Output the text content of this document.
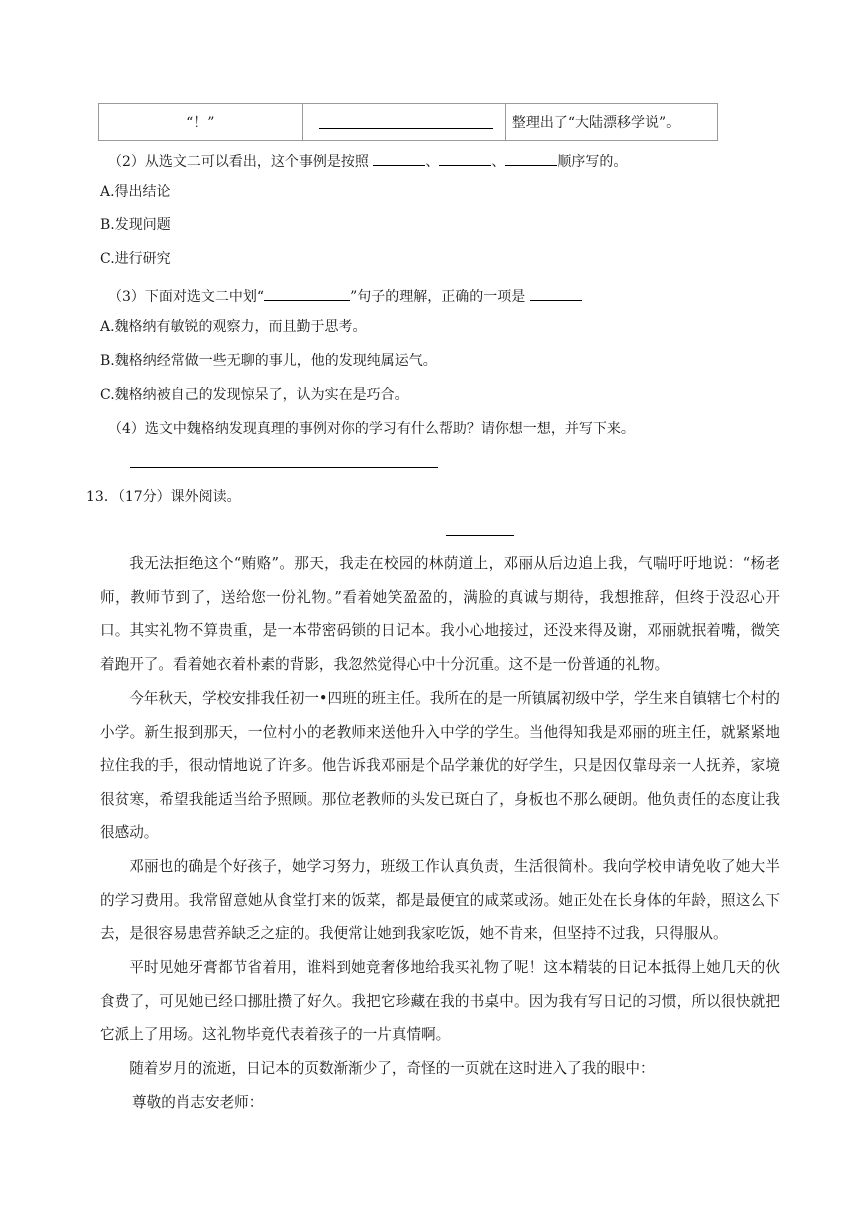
“！”		整理出了“大陆漂移学说”。
（2）从选文二可以看出，这个事例是按照	、	、	顺序写的。
A.得出结论
B.发现问题
C.进行研究
（3）下面对选文二中划“	”句子的理解，正确的一项是
A.魏格纳有敏锐的观察力，而且勤于思考。
B.魏格纳经常做一些无聊的事儿，他的发现纯属运气。
C.魏格纳被自己的发现惊呆了，认为实在是巧合。
（4）选文中魏格纳发现真理的事例对你的学习有什么帮助？请你想一想，并写下来。
13．（17分）课外阅读。
我无法拒绝这个“贿赂”。那天，我走在校园的林荫道上，邓丽从后边追上我，气喘吁吁地说：“杨老师，教师节到了，送给您一份礼物。”看着她笑盈盈的，满脸的真诚与期待，我想推辞，但终于没忍心开口。其实礼物不算贵重，是一本带密码锁的日记本。我小心地接过，还没来得及谢，邓丽就抿着嘴，微笑着跑开了。看着她衣着朴素的背影，我忽然觉得心中十分沉重。这不是一份普通的礼物。
今年秋天，学校安排我任初一•四班的班主任。我所在的是一所镇属初级中学，学生来自镇辖七个村的小学。新生报到那天，一位村小的老教师来送他升入中学的学生。当他得知我是邓丽的班主任，就紧紧地拉住我的手，很动情地说了许多。他告诉我邓丽是个品学兼优的好学生，只是因仅靠母亲一人抚养，家境很贫寒，希望我能适当给予照顾。那位老教师的头发已斑白了，身板也不那么硬朗。他负责任的态度让我很感动。
邓丽也的确是个好孩子，她学习努力，班级工作认真负责，生活很简朴。我向学校申请免收了她大半的学习费用。我常留意她从食堂打来的饭菜，都是最便宜的咸菜或汤。她正处在长身体的年龄，照这么下去，是很容易患营养缺乏之症的。我便常让她到我家吃饭，她不肯来，但坚持不过我，只得服从。
平时见她牙膏都节省着用，谁料到她竟奢侈地给我买礼物了呢！这本精装的日记本抵得上她几天的伙食费了，可见她已经口挪肚攒了好久。我把它珍藏在我的书桌中。因为我有写日记的习惯，所以很快就把它派上了用场。这礼物毕竟代表着孩子的一片真情啊。
随着岁月的流逝，日记本的页数渐渐少了，奇怪的一页就在这时进入了我的眼中：
尊敬的肖志安老师：
